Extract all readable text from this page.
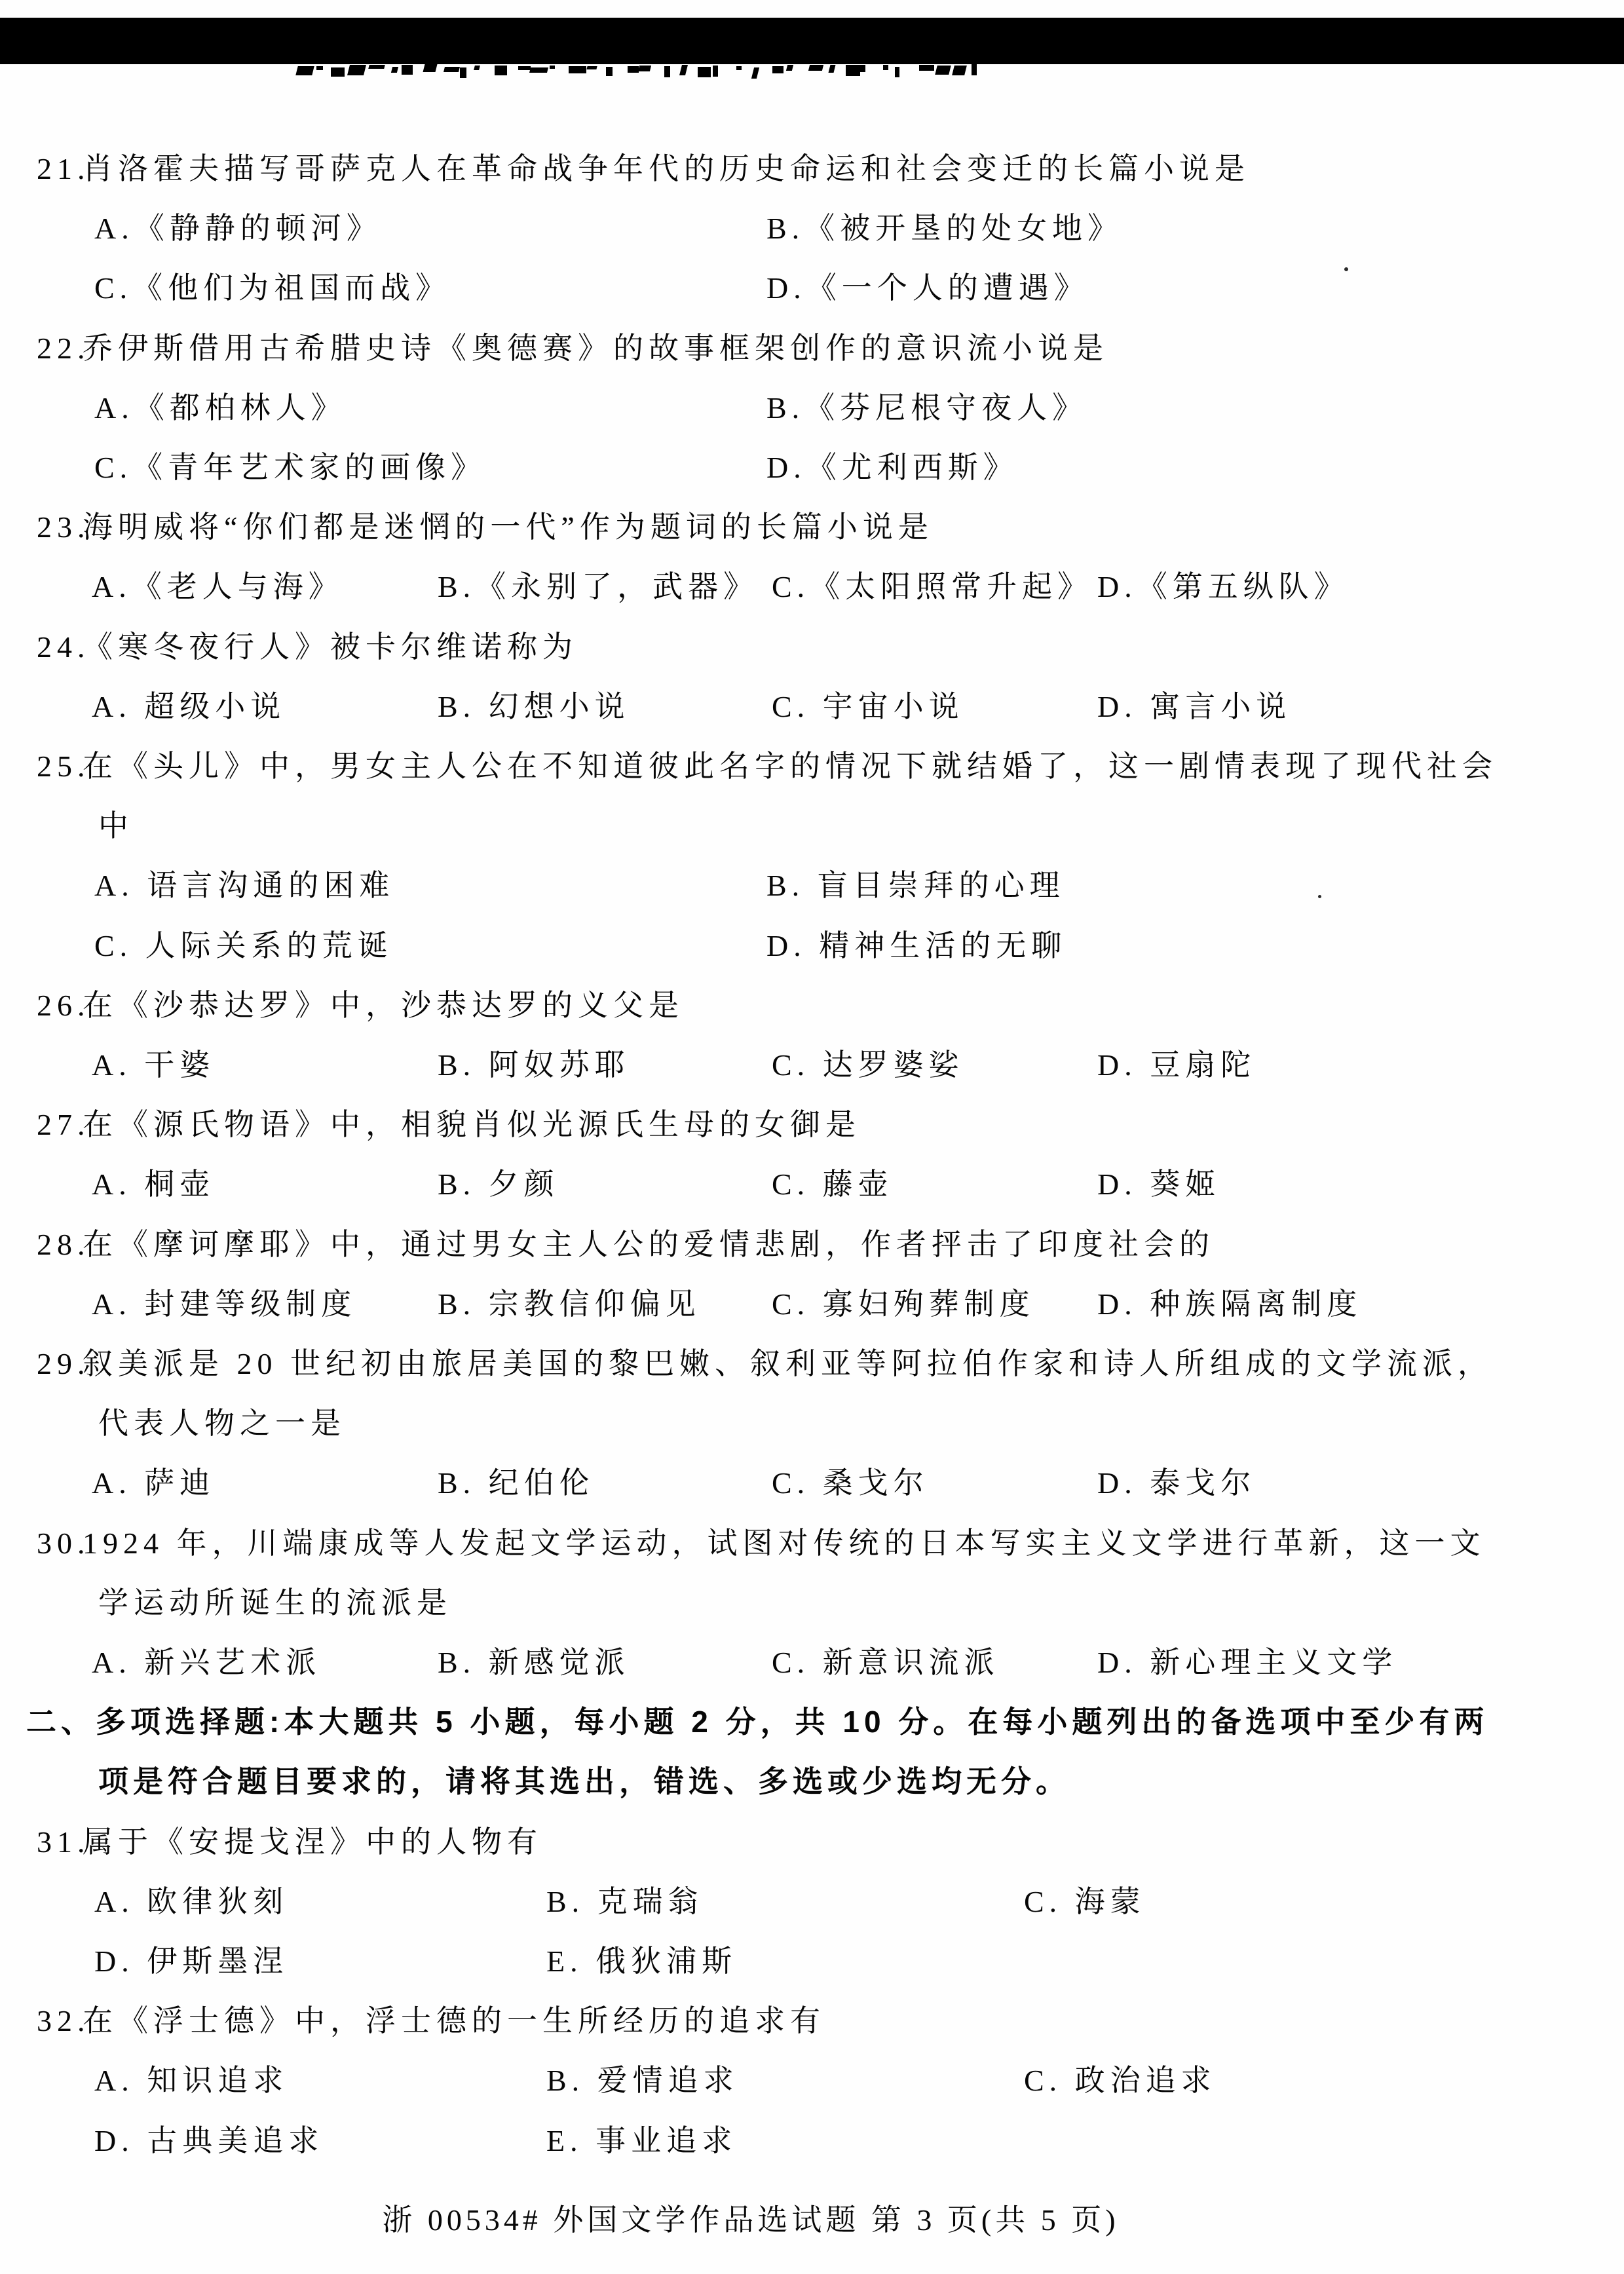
21.
肖洛霍夫描写哥萨克人在革命战争年代的历史命运和社会变迁的长篇小说是
A.《静静的顿河》	B.《被开垦的处女地》
C.《他们为祖国而战》	D.《一个人的遭遇》
22.
乔伊斯借用古希腊史诗《奥德赛》的故事框架创作的意识流小说是
A.《都柏林人》	B.《芬尼根守夜人》
C.《青年艺术家的画像》	D.《尤利西斯》
23.
海明威将“你们都是迷惘的一代”作为题词的长篇小说是
A.《老人与海》	B.《永别了，武器》 C.《太阳照常升起》 D.《第五纵队》
24.
《寒冬夜行人》被卡尔维诺称为
A. 超级小说	B. 幻想小说	C. 宇宙小说	D. 寓言小说
25.
在《头儿》中，男女主人公在不知道彼此名字的情况下就结婚了，这一剧情表现了现代社会
中
A. 语言沟通的困难	B. 盲目崇拜的心理
C. 人际关系的荒诞	D. 精神生活的无聊
26.
在《沙恭达罗》中，沙恭达罗的义父是
A. 干婆	B. 阿奴苏耶	C. 达罗婆娑	D. 豆扇陀
27.
在《源氏物语》中，相貌肖似光源氏生母的女御是
A. 桐壶	B. 夕颜	C. 藤壶	D. 葵姬
28.
在《摩诃摩耶》中，通过男女主人公的爱情悲剧，作者抨击了印度社会的
A. 封建等级制度	B. 宗教信仰偏见 C. 寡妇殉葬制度 D. 种族隔离制度
29.
叙美派是 20 世纪初由旅居美国的黎巴嫩、叙利亚等阿拉伯作家和诗人所组成的文学流派，
代表人物之一是
A. 萨迪	B. 纪伯伦	C. 桑戈尔	D. 泰戈尔
30.
1924 年，川端康成等人发起文学运动，试图对传统的日本写实主义文学进行革新，这一文
学运动所诞生的流派是
A. 新兴艺术派	B. 新感觉派	C. 新意识流派	D. 新心理主义文学
二、多项选择题:本大题共 5 小题，每小题 2 分，共 10 分。在每小题列出的备选项中至少有两
项是符合题目要求的，请将其选出，错选、多选或少选均无分。
31.
属于《安提戈涅》中的人物有
A. 欧律狄刻	B. 克瑞翁	C. 海蒙
D. 伊斯墨涅	E. 俄狄浦斯
32.
在《浮士德》中，浮士德的一生所经历的追求有
A. 知识追求	B. 爱情追求	C. 政治追求
D. 古典美追求	E. 事业追求
浙 00534# 外国文学作品选试题 第 3 页(共 5 页)
